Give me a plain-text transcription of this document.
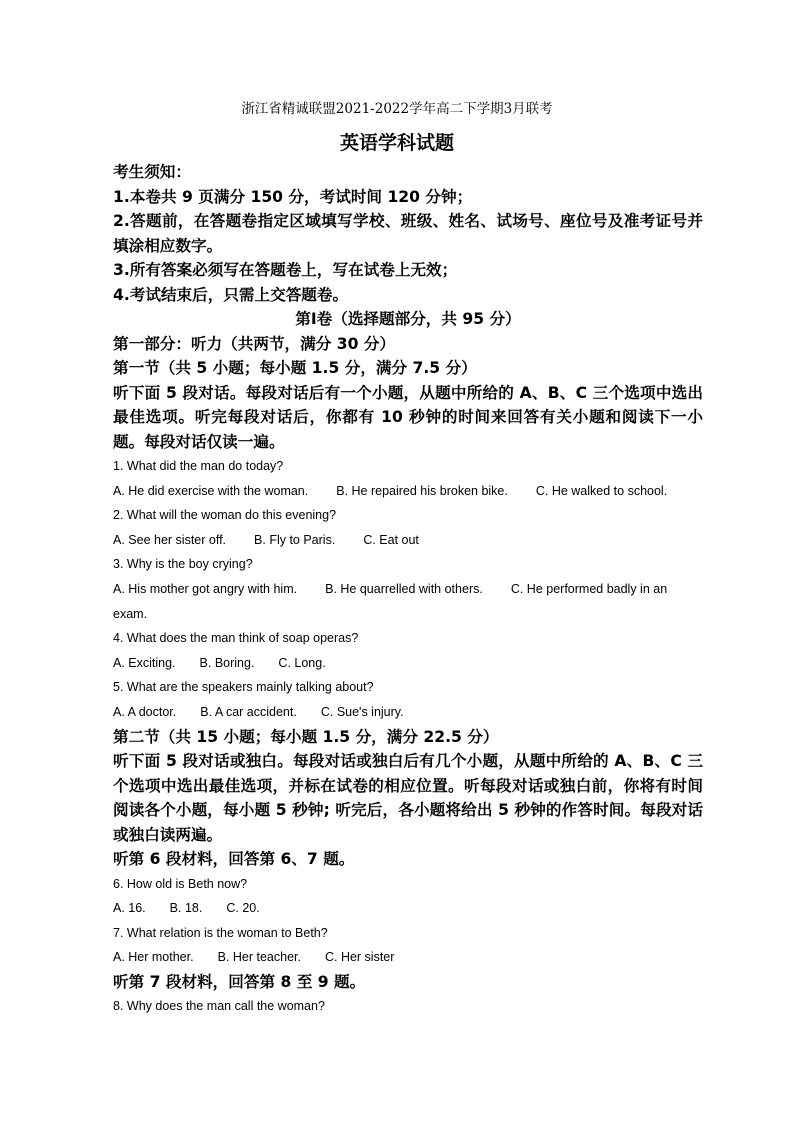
浙江省精诚联盟2021-2022学年高二下学期3月联考
英语学科试题
考生须知：
1.本卷共 9 页满分 150 分，考试时间 120 分钟；
2.答题前，在答题卷指定区域填写学校、班级、姓名、试场号、座位号及准考证号并填涂相应数字。
3.所有答案必须写在答题卷上，写在试卷上无效；
4.考试结束后，只需上交答题卷。
第Ⅰ卷（选择题部分，共 95 分）
第一部分：听力（共两节，满分 30 分）
第一节（共 5 小题；每小题 1.5 分，满分 7.5 分）
听下面 5 段对话。每段对话后有一个小题，从题中所给的 A、B、C 三个选项中选出最佳选项。听完每段对话后，你都有 10 秒钟的时间来回答有关小题和阅读下一小题。每段对话仅读一遍。
1. What did the man do today?
A. He did exercise with the woman. B. He repaired his broken bike. C. He walked to school.
2. What will the woman do this evening?
A. See her sister off. B. Fly to Paris. C. Eat out
3. Why is the boy crying?
A. His mother got angry with him. B. He quarrelled with others. C. He performed badly in an exam.
4. What does the man think of soap operas?
A. Exciting. B. Boring. C. Long.
5. What are the speakers mainly talking about?
A. A doctor. B. A car accident. C. Sue's injury.
第二节（共 15 小题；每小题 1.5 分，满分 22.5 分）
听下面 5 段对话或独白。每段对话或独白后有几个小题，从题中所给的 A、B、C 三个选项中选出最佳选项，并标在试卷的相应位置。听每段对话或独白前，你将有时间阅读各个小题，每小题 5 秒钟; 听完后，各小题将给出 5 秒钟的作答时间。每段对话或独白读两遍。
听第 6 段材料，回答第 6、7 题。
6. How old is Beth now?
A. 16. B. 18. C. 20.
7. What relation is the woman to Beth?
A. Her mother. B. Her teacher. C. Her sister
听第 7 段材料，回答第 8 至 9 题。
8. Why does the man call the woman?
